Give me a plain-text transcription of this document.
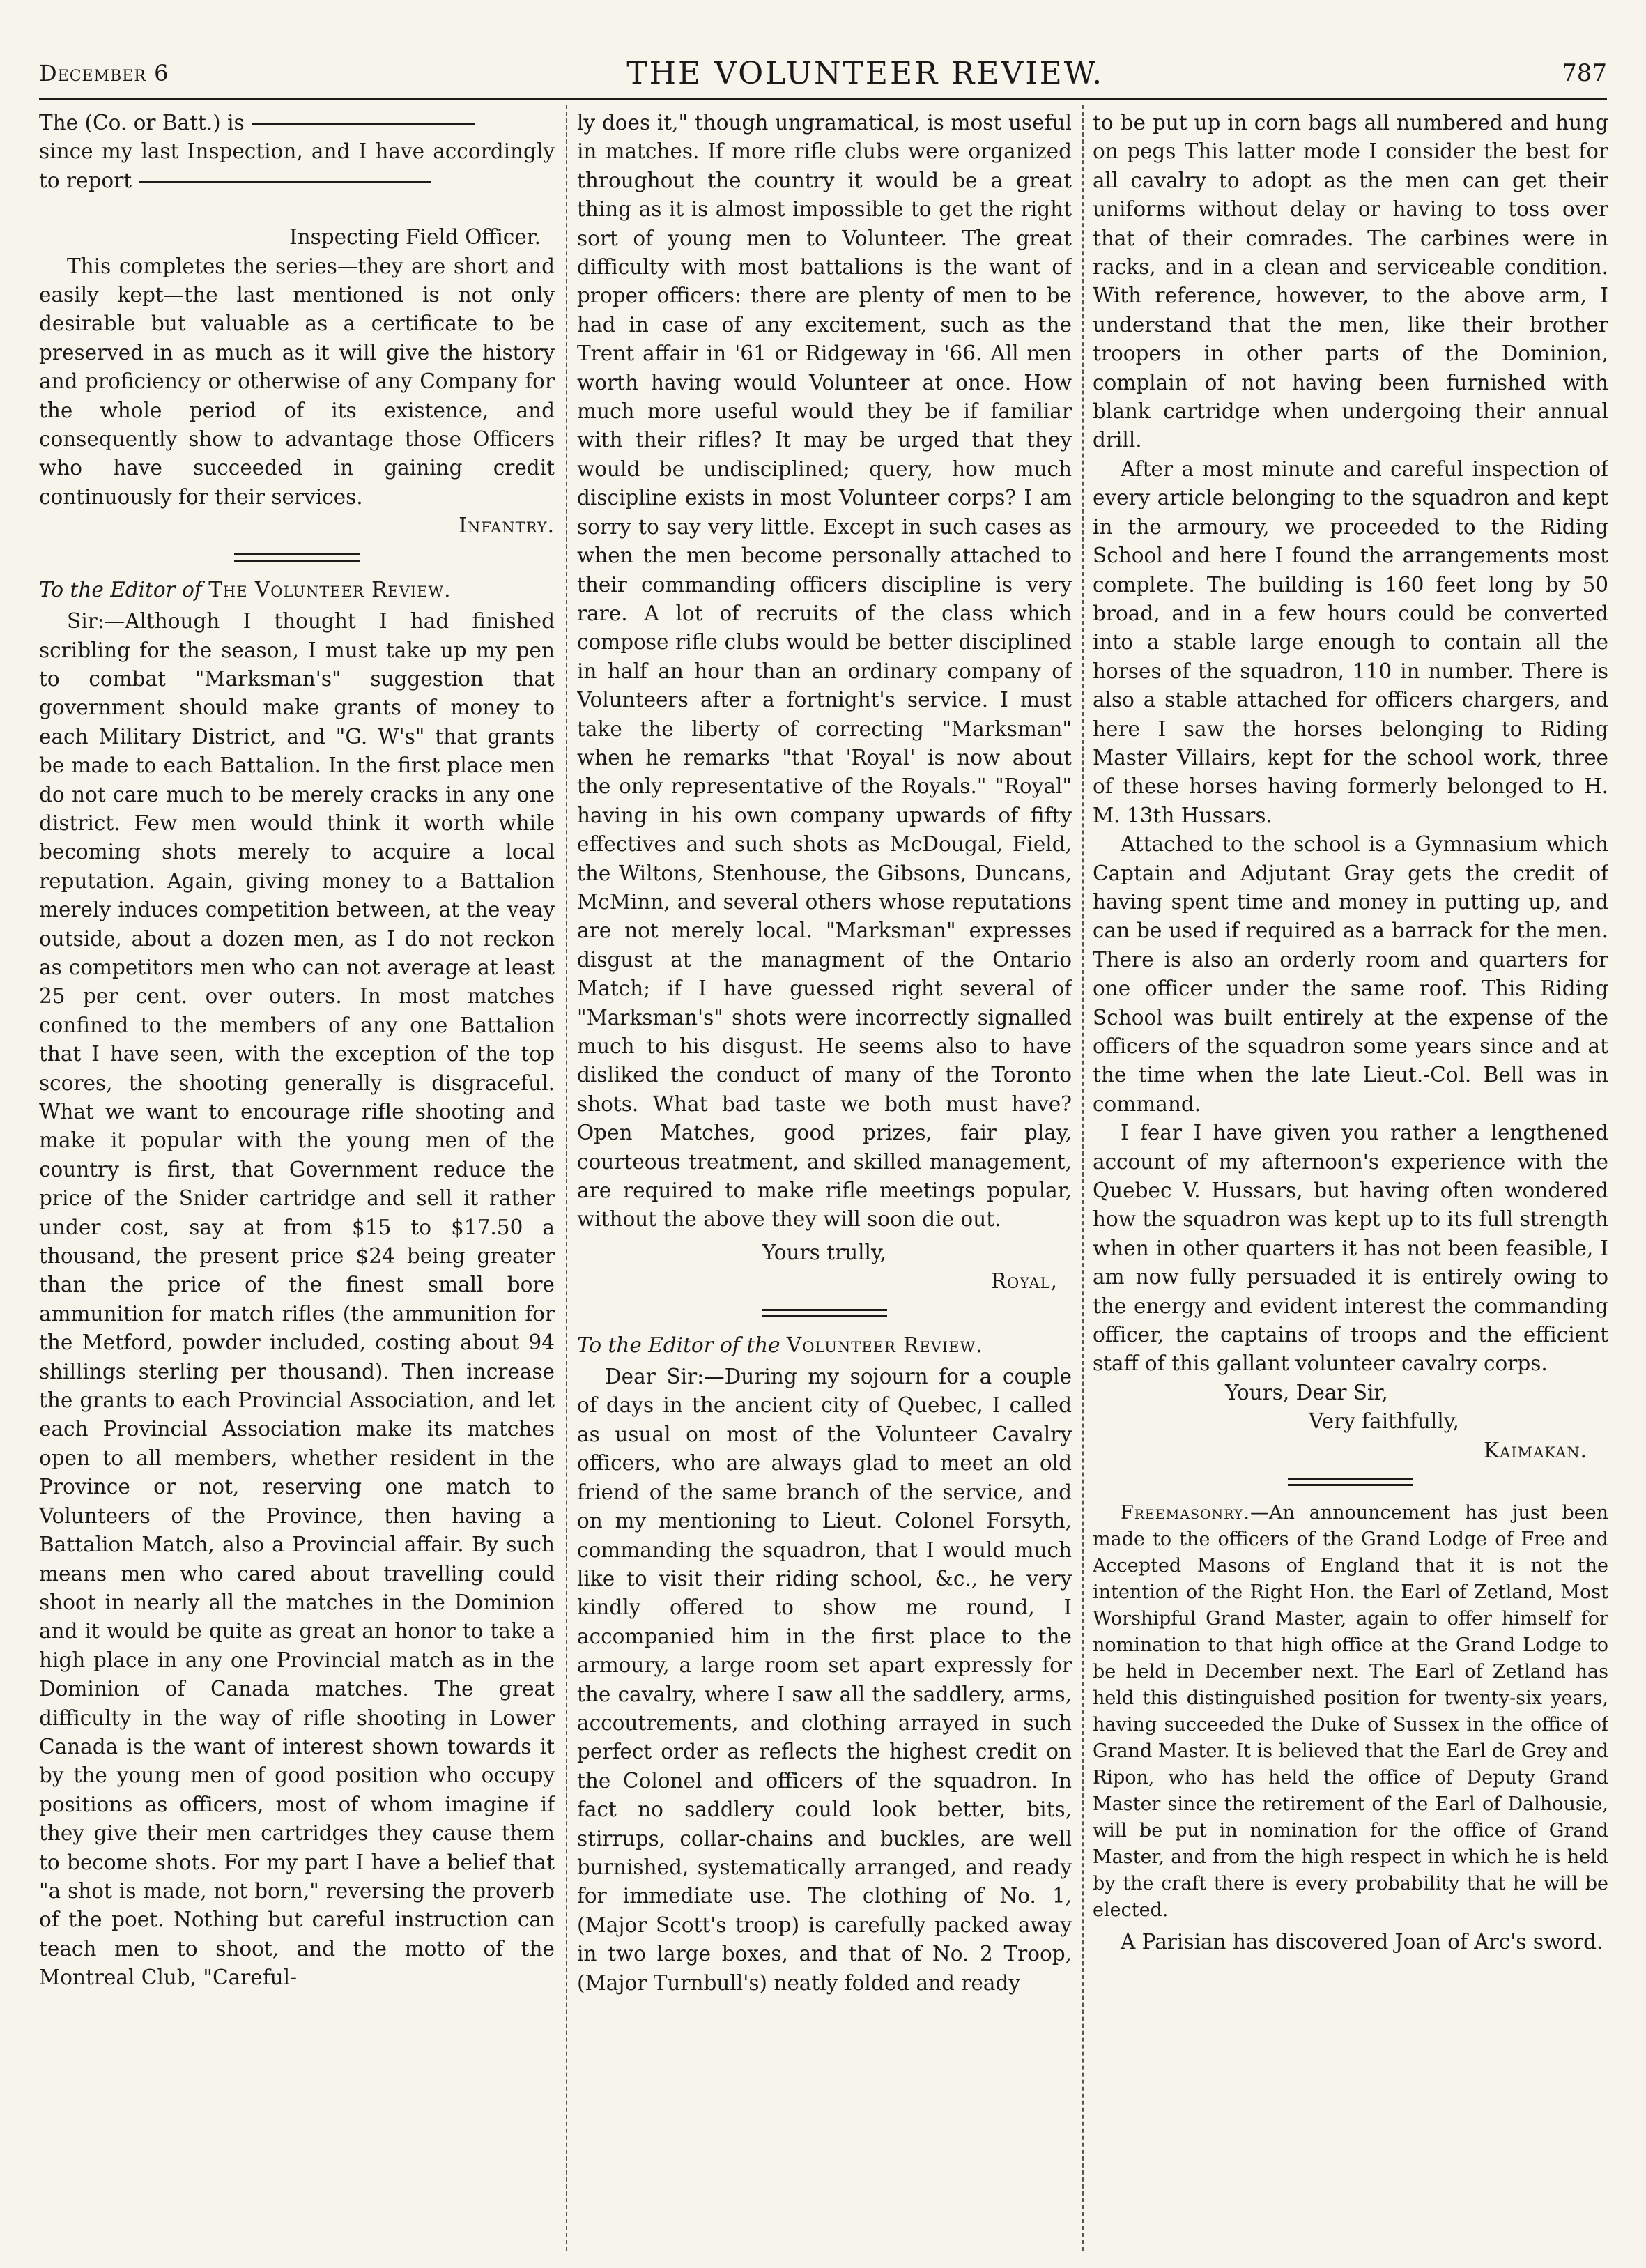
December 6	THE VOLUNTEER REVIEW.	787

The (Co. or Batt.) is

since my last Inspection, and I have accordingly to report

Inspecting Field Officer.

This completes the series—they are short and easily kept—the last mentioned is not only desirable but valuable as a certificate to be preserved in as much as it will give the history and proficiency or otherwise of any Company for the whole period of its existence, and consequently show to advantage those Officers who have succeeded in gaining credit continuously for their services.

Infantry.

To the Editor of The Volunteer Review.

Sir:—Although I thought I had finished scribling for the season, I must take up my pen to combat "Marksman's" suggestion that government should make grants of money to each Military District, and "G. W's" that grants be made to each Battalion. In the first place men do not care much to be merely cracks in any one district. Few men would think it worth while becoming shots merely to acquire a local reputation. Again, giving money to a Battalion merely induces competition between, at the veay outside, about a dozen men, as I do not reckon as competitors men who can not average at least 25 per cent. over outers. In most matches confined to the members of any one Battalion that I have seen, with the exception of the top scores, the shooting generally is disgraceful. What we want to encourage rifle shooting and make it popular with the young men of the country is first, that Government reduce the price of the Snider cartridge and sell it rather under cost, say at from $15 to $17.50 a thousand, the present price $24 being greater than the price of the finest small bore ammunition for match rifles (the ammunition for the Metford, powder included, costing about 94 shillings sterling per thousand). Then increase the grants to each Provincial Association, and let each Provincial Association make its matches open to all members, whether resident in the Province or not, reserving one match to Volunteers of the Province, then having a Battalion Match, also a Provincial affair. By such means men who cared about travelling could shoot in nearly all the matches in the Dominion and it would be quite as great an honor to take a high place in any one Provincial match as in the Dominion of Canada matches. The great difficulty in the way of rifle shooting in Lower Canada is the want of interest shown towards it by the young men of good position who occupy positions as officers, most of whom imagine if they give their men cartridges they cause them to become shots. For my part I have a belief that "a shot is made, not born," reversing the proverb of the poet. Nothing but careful instruction can teach men to shoot, and the motto of the Montreal Club, "Careful-

ly does it," though ungramatical, is most useful in matches. If more rifle clubs were organized throughout the country it would be a great thing as it is almost impossible to get the right sort of young men to Volunteer. The great difficulty with most battalions is the want of proper officers: there are plenty of men to be had in case of any excitement, such as the Trent affair in '61 or Ridgeway in '66. All men worth having would Volunteer at once. How much more useful would they be if familiar with their rifles? It may be urged that they would be undisciplined; query, how much discipline exists in most Volunteer corps? I am sorry to say very little. Except in such cases as when the men become personally attached to their commanding officers discipline is very rare. A lot of recruits of the class which compose rifle clubs would be better disciplined in half an hour than an ordinary company of Volunteers after a fortnight's service. I must take the liberty of correcting "Marksman" when he remarks "that 'Royal' is now about the only representative of the Royals." "Royal" having in his own company upwards of fifty effectives and such shots as McDougal, Field, the Wiltons, Stenhouse, the Gibsons, Duncans, McMinn, and several others whose reputations are not merely local. "Marksman" expresses disgust at the managment of the Ontario Match; if I have guessed right several of "Marksman's" shots were incorrectly signalled much to his disgust. He seems also to have disliked the conduct of many of the Toronto shots. What bad taste we both must have? Open Matches, good prizes, fair play, courteous treatment, and skilled management, are required to make rifle meetings popular, without the above they will soon die out.

Yours trully,

Royal,

To the Editor of the Volunteer Review.

Dear Sir:—During my sojourn for a couple of days in the ancient city of Quebec, I called as usual on most of the Volunteer Cavalry officers, who are always glad to meet an old friend of the same branch of the service, and on my mentioning to Lieut. Colonel Forsyth, commanding the squadron, that I would much like to visit their riding school, &c., he very kindly offered to show me round, I accompanied him in the first place to the armoury, a large room set apart expressly for the cavalry, where I saw all the saddlery, arms, accoutrements, and clothing arrayed in such perfect order as reflects the highest credit on the Colonel and officers of the squadron. In fact no saddlery could look better, bits, stirrups, collar-chains and buckles, are well burnished, systematically arranged, and ready for immediate use. The clothing of No. 1, (Major Scott's troop) is carefully packed away in two large boxes, and that of No. 2 Troop, (Major Turnbull's) neatly folded and ready

to be put up in corn bags all numbered and hung on pegs This latter mode I consider the best for all cavalry to adopt as the men can get their uniforms without delay or having to toss over that of their comrades. The carbines were in racks, and in a clean and serviceable condition. With reference, however, to the above arm, I understand that the men, like their brother troopers in other parts of the Dominion, complain of not having been furnished with blank cartridge when undergoing their annual drill.

After a most minute and careful inspection of every article belonging to the squadron and kept in the armoury, we proceeded to the Riding School and here I found the arrangements most complete. The building is 160 feet long by 50 broad, and in a few hours could be converted into a stable large enough to contain all the horses of the squadron, 110 in number. There is also a stable attached for officers chargers, and here I saw the horses belonging to Riding Master Villairs, kept for the school work, three of these horses having formerly belonged to H. M. 13th Hussars.

Attached to the school is a Gymnasium which Captain and Adjutant Gray gets the credit of having spent time and money in putting up, and can be used if required as a barrack for the men. There is also an orderly room and quarters for one officer under the same roof. This Riding School was built entirely at the expense of the officers of the squadron some years since and at the time when the late Lieut.-Col. Bell was in command.

I fear I have given you rather a lengthened account of my afternoon's experience with the Quebec V. Hussars, but having often wondered how the squadron was kept up to its full strength when in other quarters it has not been feasible, I am now fully persuaded it is entirely owing to the energy and evident interest the commanding officer, the captains of troops and the efficient staff of this gallant volunteer cavalry corps.

Yours, Dear Sir,

Very faithfully,

Kaimakan.

Freemasonry.—An announcement has just been made to the officers of the Grand Lodge of Free and Accepted Masons of England that it is not the intention of the Right Hon. the Earl of Zetland, Most Worshipful Grand Master, again to offer himself for nomination to that high office at the Grand Lodge to be held in December next. The Earl of Zetland has held this distinguished position for twenty-six years, having succeeded the Duke of Sussex in the office of Grand Master. It is believed that the Earl de Grey and Ripon, who has held the office of Deputy Grand Master since the retirement of the Earl of Dalhousie, will be put in nomination for the office of Grand Master, and from the high respect in which he is held by the craft there is every probability that he will be elected.

A Parisian has discovered Joan of Arc's sword.
